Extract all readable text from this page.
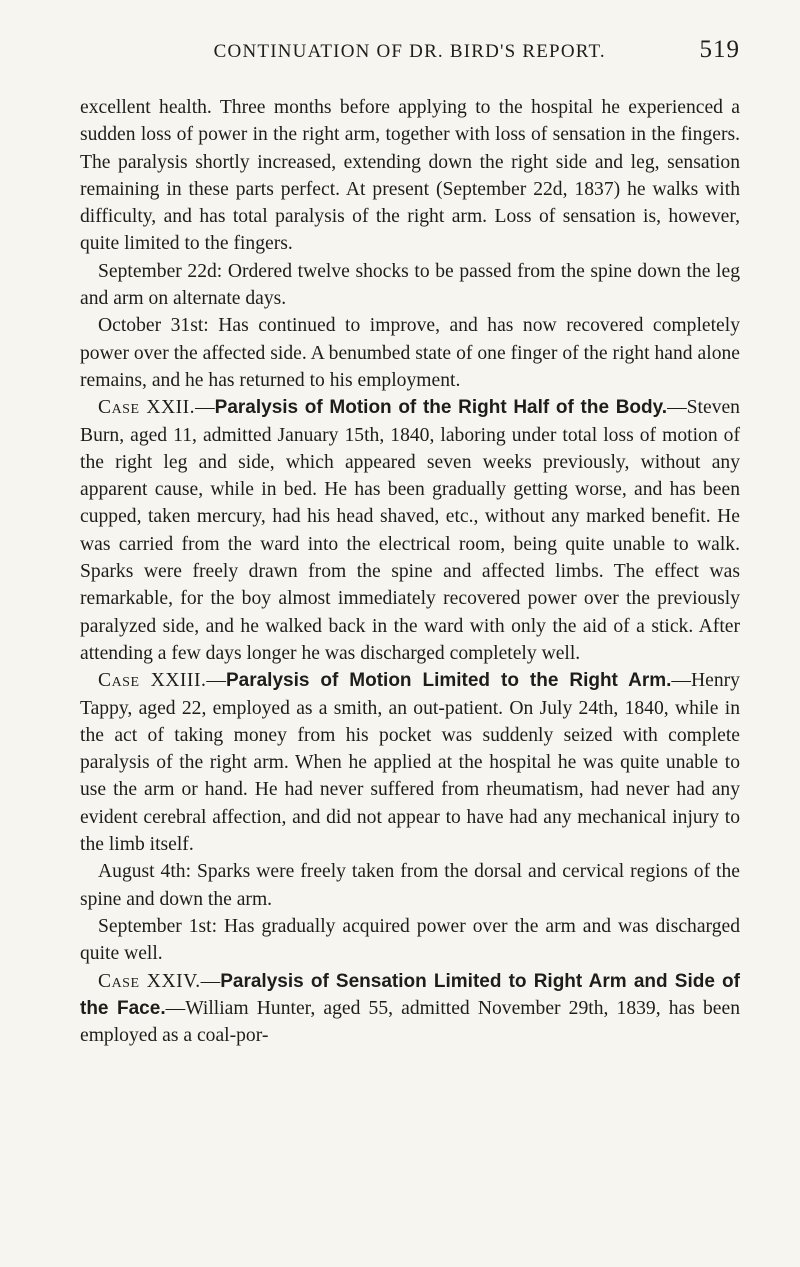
CONTINUATION OF DR. BIRD'S REPORT.	519

excellent health. Three months before applying to the hospital he experienced a sudden loss of power in the right arm, together with loss of sensation in the fingers. The paralysis shortly increased, extending down the right side and leg, sensation remaining in these parts perfect. At present (September 22d, 1837) he walks with difficulty, and has total paralysis of the right arm. Loss of sensation is, however, quite limited to the fingers.

September 22d: Ordered twelve shocks to be passed from the spine down the leg and arm on alternate days.

October 31st: Has continued to improve, and has now recovered completely power over the affected side. A benumbed state of one finger of the right hand alone remains, and he has returned to his employment.

Case XXII.—Paralysis of Motion of the Right Half of the Body.—Steven Burn, aged 11, admitted January 15th, 1840, laboring under total loss of motion of the right leg and side, which appeared seven weeks previously, without any apparent cause, while in bed. He has been gradually getting worse, and has been cupped, taken mercury, had his head shaved, etc., without any marked benefit. He was carried from the ward into the electrical room, being quite unable to walk. Sparks were freely drawn from the spine and affected limbs. The effect was remarkable, for the boy almost immediately recovered power over the previously paralyzed side, and he walked back in the ward with only the aid of a stick. After attending a few days longer he was discharged completely well.

Case XXIII.—Paralysis of Motion Limited to the Right Arm.—Henry Tappy, aged 22, employed as a smith, an out-patient. On July 24th, 1840, while in the act of taking money from his pocket was suddenly seized with complete paralysis of the right arm. When he applied at the hospital he was quite unable to use the arm or hand. He had never suffered from rheumatism, had never had any evident cerebral affection, and did not appear to have had any mechanical injury to the limb itself.

August 4th: Sparks were freely taken from the dorsal and cervical regions of the spine and down the arm.

September 1st: Has gradually acquired power over the arm and was discharged quite well.

Case XXIV.—Paralysis of Sensation Limited to Right Arm and Side of the Face.—William Hunter, aged 55, admitted November 29th, 1839, has been employed as a coal-por-
